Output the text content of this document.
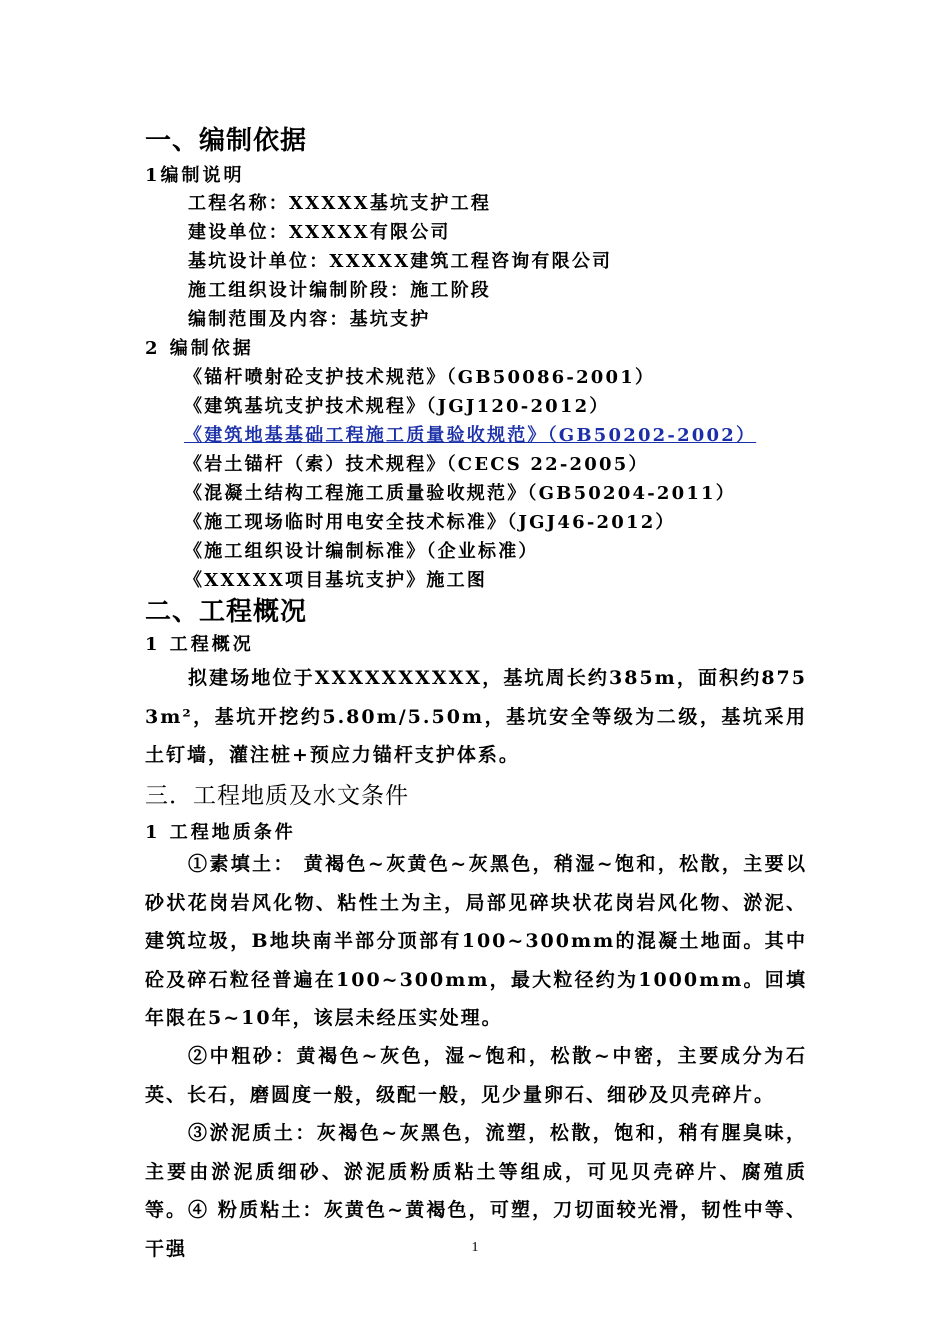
一、编制依据
1编制说明
工程名称：XXXXX基坑支护工程
建设单位：XXXXX有限公司
基坑设计单位：XXXXX建筑工程咨询有限公司
施工组织设计编制阶段：施工阶段
编制范围及内容：基坑支护
2 编制依据
《锚杆喷射砼支护技术规范》（GB50086-2001）
《建筑基坑支护技术规程》（JGJ120-2012）
《建筑地基基础工程施工质量验收规范》（GB50202-2002）
《岩土锚杆（索）技术规程》（CECS 22-2005）
《混凝土结构工程施工质量验收规范》（GB50204-2011）
《施工现场临时用电安全技术标准》（JGJ46-2012）
《施工组织设计编制标准》（企业标准）
《XXXXX项目基坑支护》施工图
二、工程概况
1 工程概况
拟建场地位于XXXXXXXXXX，基坑周长约385m，面积约8753m²，基坑开挖约5.80m/5.50m，基坑安全等级为二级，基坑采用土钉墙，灌注桩+预应力锚杆支护体系。
三．工程地质及水文条件
1 工程地质条件
①素填土： 黄褐色~灰黄色~灰黑色，稍湿~饱和，松散，主要以砂状花岗岩风化物、粘性土为主，局部见碎块状花岗岩风化物、淤泥、建筑垃圾，B地块南半部分顶部有100~300mm的混凝土地面。其中砼及碎石粒径普遍在100~300mm，最大粒径约为1000mm。回填年限在5~10年，该层未经压实处理。
②中粗砂：黄褐色~灰色，湿~饱和，松散~中密，主要成分为石英、长石，磨圆度一般，级配一般，见少量卵石、细砂及贝壳碎片。
③淤泥质土：灰褐色~灰黑色，流塑，松散，饱和，稍有腥臭味，主要由淤泥质细砂、淤泥质粉质粘土等组成，可见贝壳碎片、腐殖质等。 ④ 粉质粘土：灰黄色~黄褐色，可塑，刀切面较光滑，韧性中等、干强	1
